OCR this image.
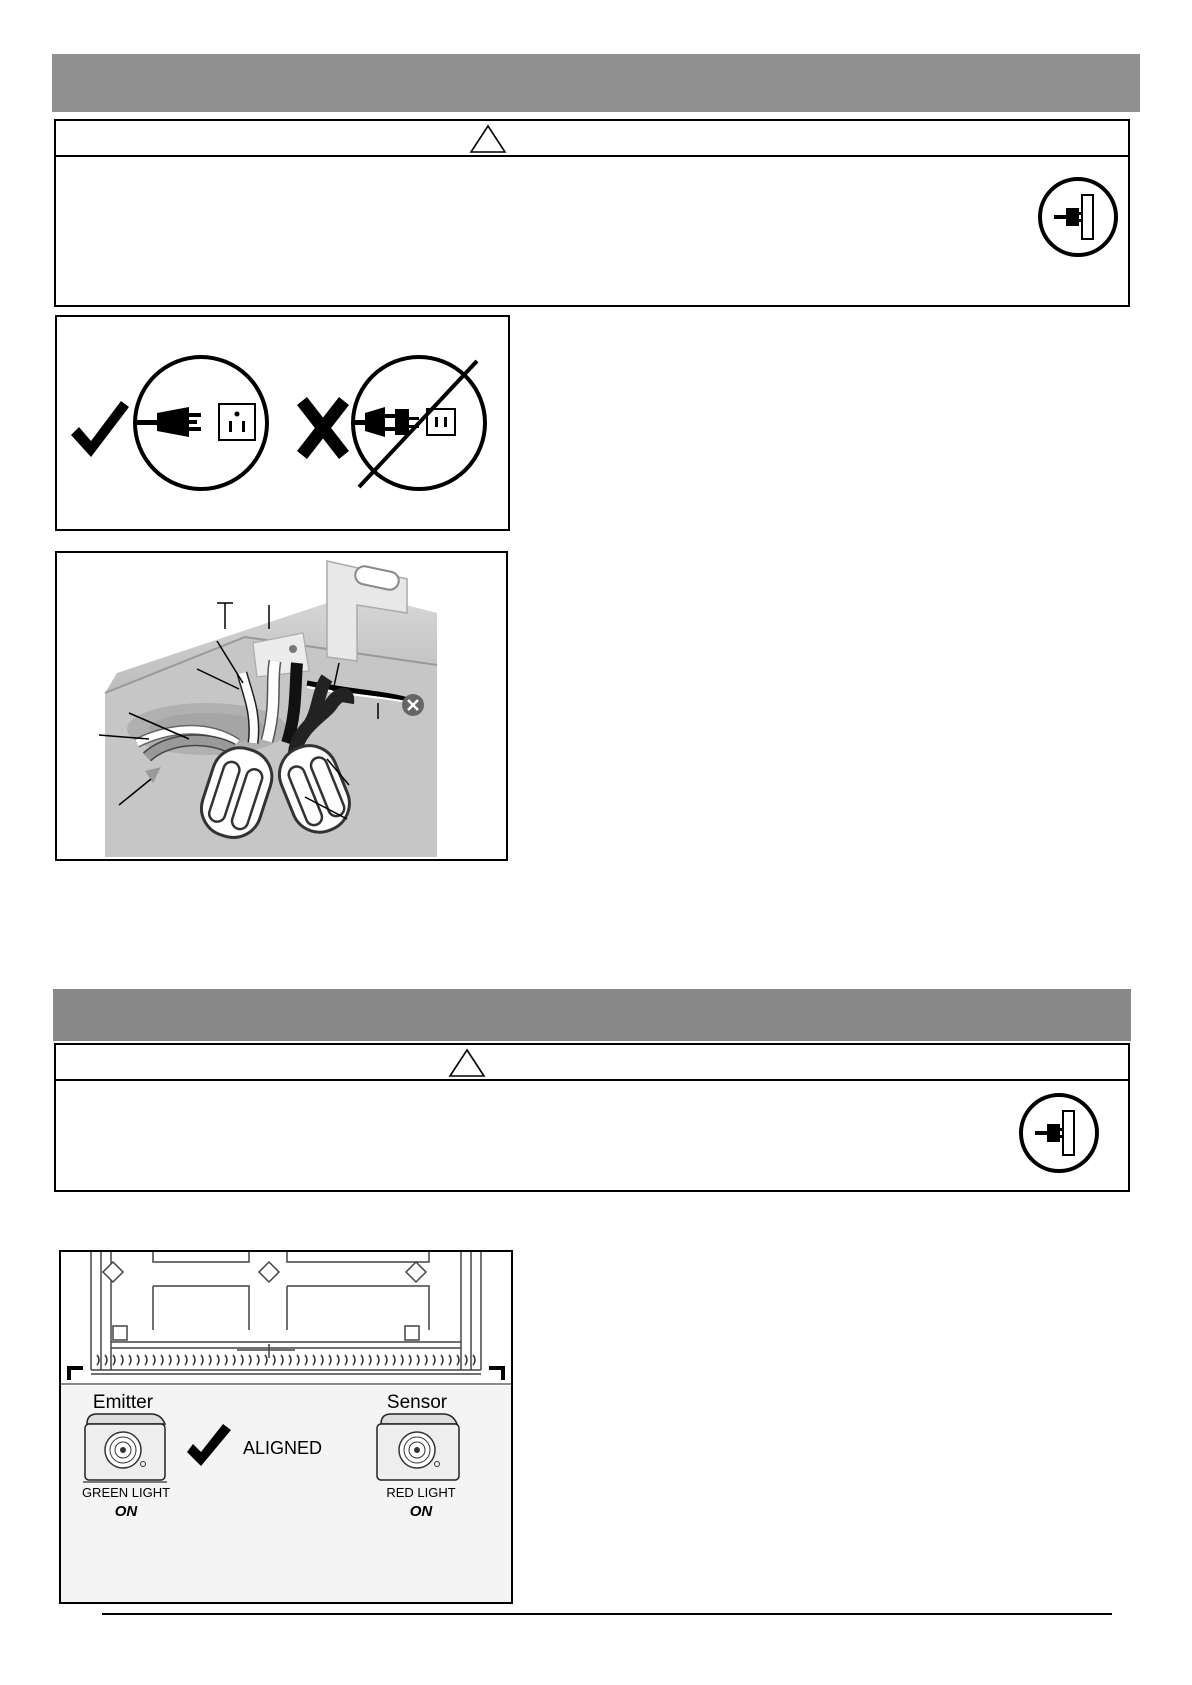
Emitter
GREEN LIGHT
ON
ALIGNED
Sensor
RED LIGHT
ON
